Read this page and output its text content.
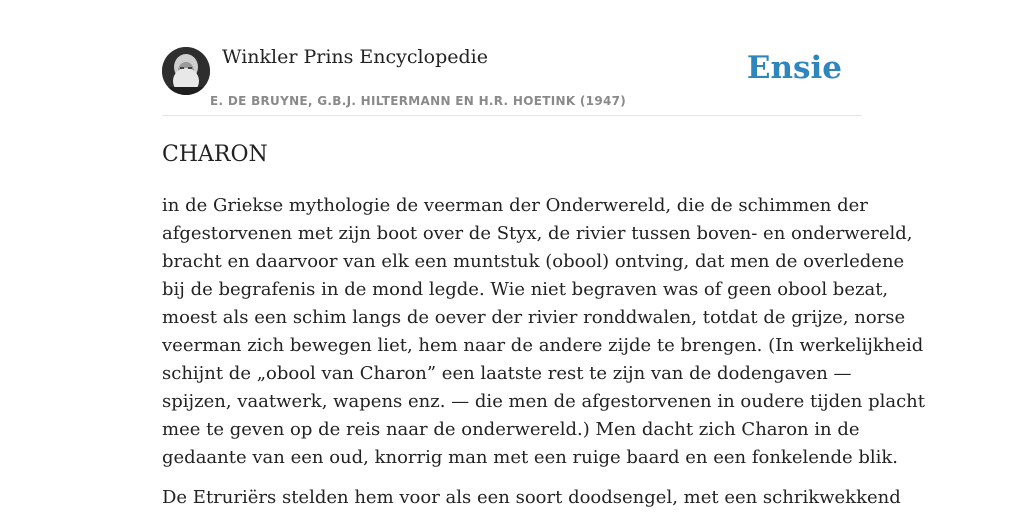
Winkler Prins Encyclopedie
E. DE BRUYNE, G.B.J. HILTERMANN EN H.R. HOETINK (1947)
Ensie
CHARON

in de Griekse mythologie de veerman der Onderwereld, die de schimmen der
afgestorvenen met zijn boot over de Styx, de rivier tussen boven- en onderwereld,
bracht en daarvoor van elk een muntstuk (obool) ontving, dat men de overledene
bij de begrafenis in de mond legde. Wie niet begraven was of geen obool bezat,
moest als een schim langs de oever der rivier ronddwalen, totdat de grijze, norse
veerman zich bewegen liet, hem naar de andere zijde te brengen. (In werkelijkheid
schijnt de „obool van Charon” een laatste rest te zijn van de dodengaven —
spijzen, vaatwerk, wapens enz. — die men de afgestorvenen in oudere tijden placht
mee te geven op de reis naar de onderwereld.) Men dacht zich Charon in de
gedaante van een oud, knorrig man met een ruige baard en een fonkelende blik.

De Etruriërs stelden hem voor als een soort doodsengel, met een schrikwekkend
